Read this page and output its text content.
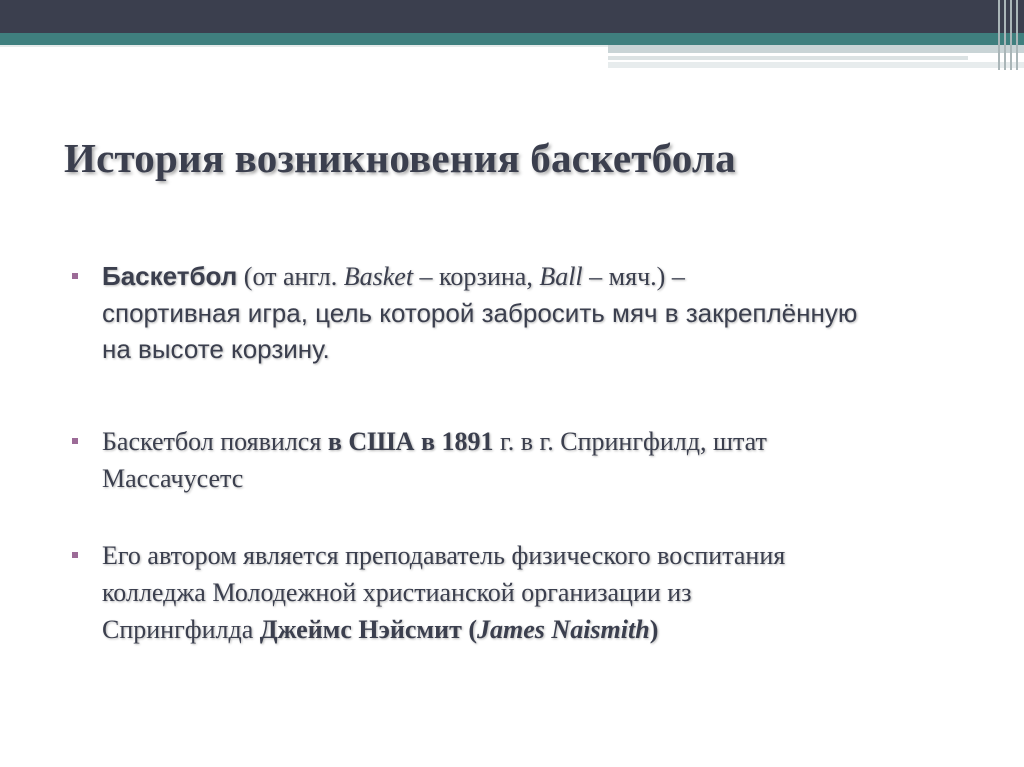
История возникновения баскетбола
Баскетбол (от англ. Basket – корзина, Ball – мяч.) –
спортивная игра, цель которой забросить мяч в закреплённую
на высоте корзину.
Баскетбол появился в США в 1891 г. в г. Спрингфилд, штат
Массачусетс
Его автором является преподаватель физического воспитания
колледжа Молодежной христианской организации из
Спрингфилда Джеймс Нэйсмит (James Naismith)
